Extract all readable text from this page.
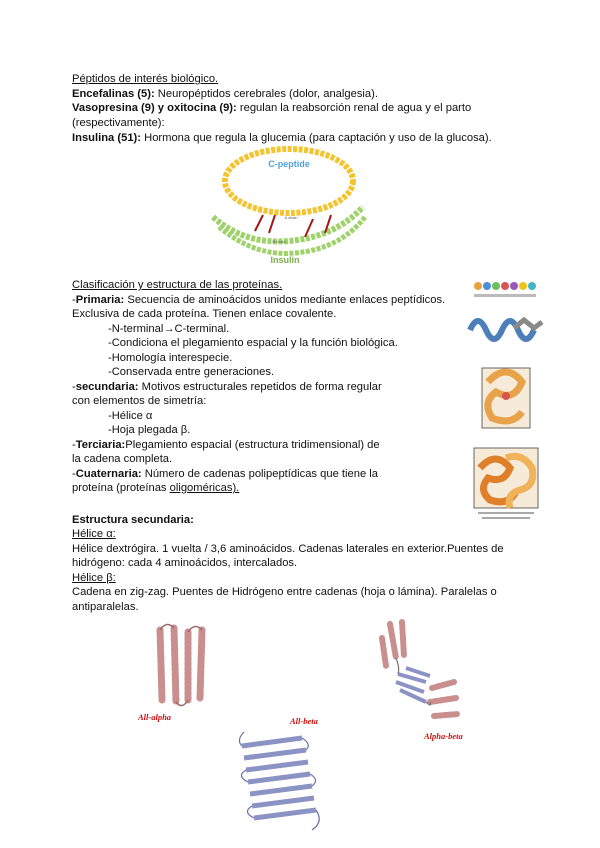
Péptidos de interés biológico.
Encefalinas (5): Neuropéptidos cerebrales (dolor, analgesia).
Vasopresina (9) y oxitocina (9): regulan la reabsorción renal de agua y el parto
(respectivamente):
Insulina (51): Hormona que regula la glucemia (para captación y uso de la glucosa).
C-peptide
A chain
B chain
Insulin
Clasificación y estructura de las proteínas.
-Primaria: Secuencia de aminoácidos unidos mediante enlaces peptídicos.
Exclusiva de cada proteína. Tienen enlace covalente.
-N-terminal→C-terminal.
-Condiciona el plegamiento espacial y la función biológica.
-Homología interespecie.
-Conservada entre generaciones.
-secundaria: Motivos estructurales repetidos de forma regular
con elementos de simetría:
-Hélice α
-Hoja plegada β.
-Terciaria:Plegamiento espacial (estructura tridimensional) de
la cadena completa.
-Cuaternaria: Número de cadenas polipeptídicas que tiene la
proteína (proteínas oligoméricas).
Estructura secundaria:
Hélice α:
Hélice dextrógira. 1 vuelta / 3,6 aminoácidos. Cadenas laterales en exterior.Puentes de
hidrógeno: cada 4 aminoácidos, intercalados.
Hélice β:
Cadena en zig-zag. Puentes de Hidrógeno entre cadenas (hoja o lámina). Paralelas o
antiparalelas.
All-alpha	All-beta
Alpha-beta
